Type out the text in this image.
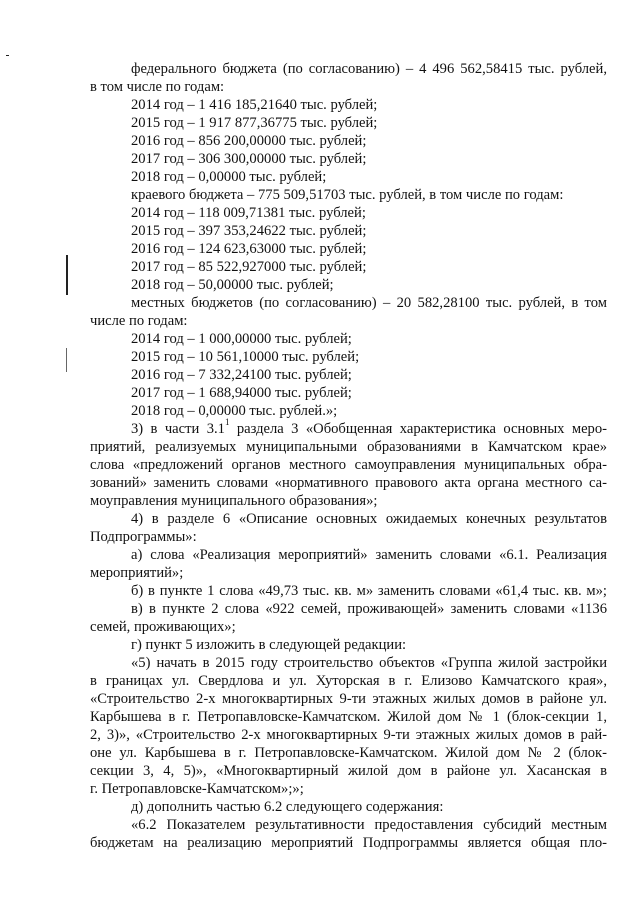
федерального бюджета (по согласованию) – 4 496 562,58415 тыс. рублей,
в том числе по годам:
2014 год – 1 416 185,21640 тыс. рублей;
2015 год – 1 917 877,36775 тыс. рублей;
2016 год – 856 200,00000 тыс. рублей;
2017 год – 306 300,00000 тыс. рублей;
2018 год – 0,00000 тыс. рублей;
краевого бюджета – 775 509,51703 тыс. рублей, в том числе по годам:
2014 год – 118 009,71381 тыс. рублей;
2015 год – 397 353,24622 тыс. рублей;
2016 год – 124 623,63000 тыс. рублей;
2017 год – 85 522,927000 тыс. рублей;
2018 год – 50,00000 тыс. рублей;
местных бюджетов (по согласованию) – 20 582,28100 тыс. рублей, в том
числе по годам:
2014 год – 1 000,00000 тыс. рублей;
2015 год – 10 561,10000 тыс. рублей;
2016 год – 7 332,24100 тыс. рублей;
2017 год – 1 688,94000 тыс. рублей;
2018 год – 0,00000 тыс. рублей.»;
3) в части $3.1^1$ раздела 3 «Обобщенная характеристика основных меро-
приятий, реализуемых муниципальными образованиями в Камчатском крае»
слова «предложений органов местного самоуправления муниципальных обра-
зований» заменить словами «нормативного правового акта органа местного са-
моуправления муниципального образования»;
4) в разделе 6 «Описание основных ожидаемых конечных результатов
Подпрограммы»:
а) слова «Реализация мероприятий» заменить словами «6.1. Реализация
мероприятий»;
б) в пункте 1 слова «49,73 тыс. кв. м» заменить словами «61,4 тыс. кв. м»;
в) в пункте 2 слова «922 семей, проживающей» заменить словами «1136
семей, проживающих»;
г) пункт 5 изложить в следующей редакции:
«5) начать в 2015 году строительство объектов «Группа жилой застройки
в границах ул. Свердлова и ул. Хуторская в г. Елизово Камчатского края»,
«Строительство 2-х многоквартирных 9-ти этажных жилых домов в районе ул.
Карбышева в г. Петропавловске-Камчатском. Жилой дом № 1 (блок-секции 1,
2, 3)», «Строительство 2-х многоквартирных 9-ти этажных жилых домов в рай-
оне ул. Карбышева в г. Петропавловске-Камчатском. Жилой дом № 2 (блок-
секции 3, 4, 5)», «Многоквартирный жилой дом в районе ул. Хасанская в
г. Петропавловске-Камчатском»;»;
д) дополнить частью 6.2 следующего содержания:
«6.2 Показателем результативности предоставления субсидий местным
бюджетам на реализацию мероприятий Подпрограммы является общая пло-
